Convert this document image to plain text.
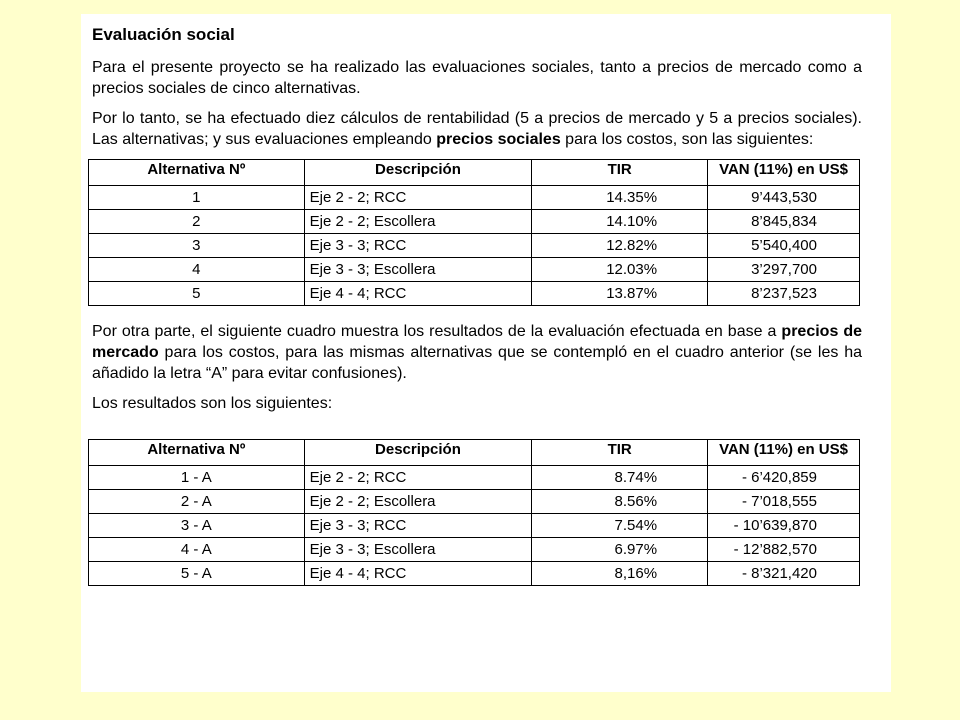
Evaluación social

Para el presente proyecto se ha realizado las evaluaciones sociales, tanto a precios de mercado como a precios sociales de cinco alternativas.

Por lo tanto, se ha efectuado diez cálculos de rentabilidad (5 a precios de mercado y 5 a precios sociales). Las alternativas; y sus evaluaciones empleando precios sociales para los costos, son las siguientes:

Alternativa Nº	Descripción	TIR	VAN (11%) en US$
1	Eje 2 - 2; RCC	14.35%	9’443,530
2	Eje 2 - 2; Escollera	14.10%	8’845,834
3	Eje 3 - 3; RCC	12.82%	5’540,400
4	Eje 3 - 3; Escollera	12.03%	3’297,700
5	Eje 4 - 4; RCC	13.87%	8’237,523

Por otra parte, el siguiente cuadro muestra los resultados de la evaluación efectuada en base a precios de mercado para los costos, para las mismas alternativas que se contempló en el cuadro anterior (se les ha añadido la letra “A” para evitar confusiones).

Los resultados son los siguientes:

Alternativa Nº	Descripción	TIR	VAN (11%) en US$
1 - A	Eje 2 - 2; RCC	8.74%	- 6’420,859
2 - A	Eje 2 - 2; Escollera	8.56%	- 7’018,555
3 - A	Eje 3 - 3; RCC	7.54%	- 10’639,870
4 - A	Eje 3 - 3; Escollera	6.97%	- 12’882,570
5 - A	Eje 4 - 4; RCC	8,16%	- 8’321,420
